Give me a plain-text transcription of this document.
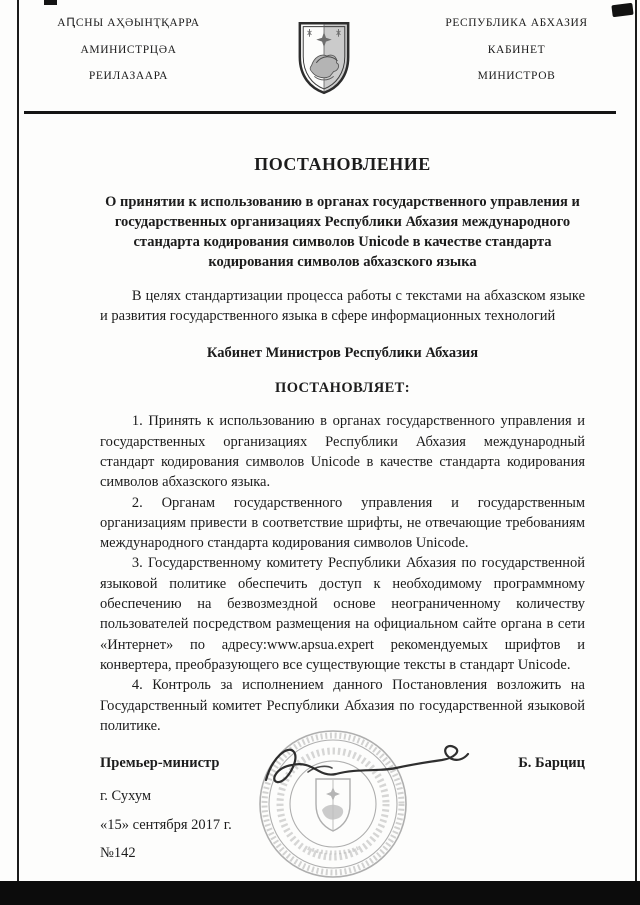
АԤСНЫ АҲӘЫНҬҚАРРА
АМИНИСТРЦӘА
РЕИЛАЗААРА
РЕСПУБЛИКА АБХАЗИЯ
КАБИНЕТ
МИНИСТРОВ
ПОСТАНОВЛЕНИЕ

О принятии к использованию в органах государственного управления и государственных организациях Республики Абхазия международного стандарта кодирования символов Unicode в качестве стандарта кодирования символов абхазского языка

В целях стандартизации процесса работы с текстами на абхазском языке и развития государственного языка в сфере информационных технологий

Кабинет Министров Республики Абхазия

ПОСТАНОВЛЯЕТ:

1. Принять к использованию в органах государственного управления и государственных организациях Республики Абхазия международный стандарт кодирования символов Unicode в качестве стандарта кодирования символов абхазского языка.

2. Органам государственного управления и государственным организациям привести в соответствие шрифты, не отвечающие требованиям международного стандарта кодирования символов Unicode.

3. Государственному комитету Республики Абхазия по государственной языковой политике обеспечить доступ к необходимому программному обеспечению на безвозмездной основе неограниченному количеству пользователей посредством размещения на официальном сайте органа в сети «Интернет» по адресу:www.apsua.expert рекомендуемых шрифтов и конвертера, преобразующего все существующие тексты в стандарт Unicode.

4. Контроль за исполнением данного Постановления возложить на Государственный комитет Республики Абхазия по государственной языковой политике.

Премьер-министр	Б. Барциц
г. Сухум
«15» сентября 2017 г.
№142
